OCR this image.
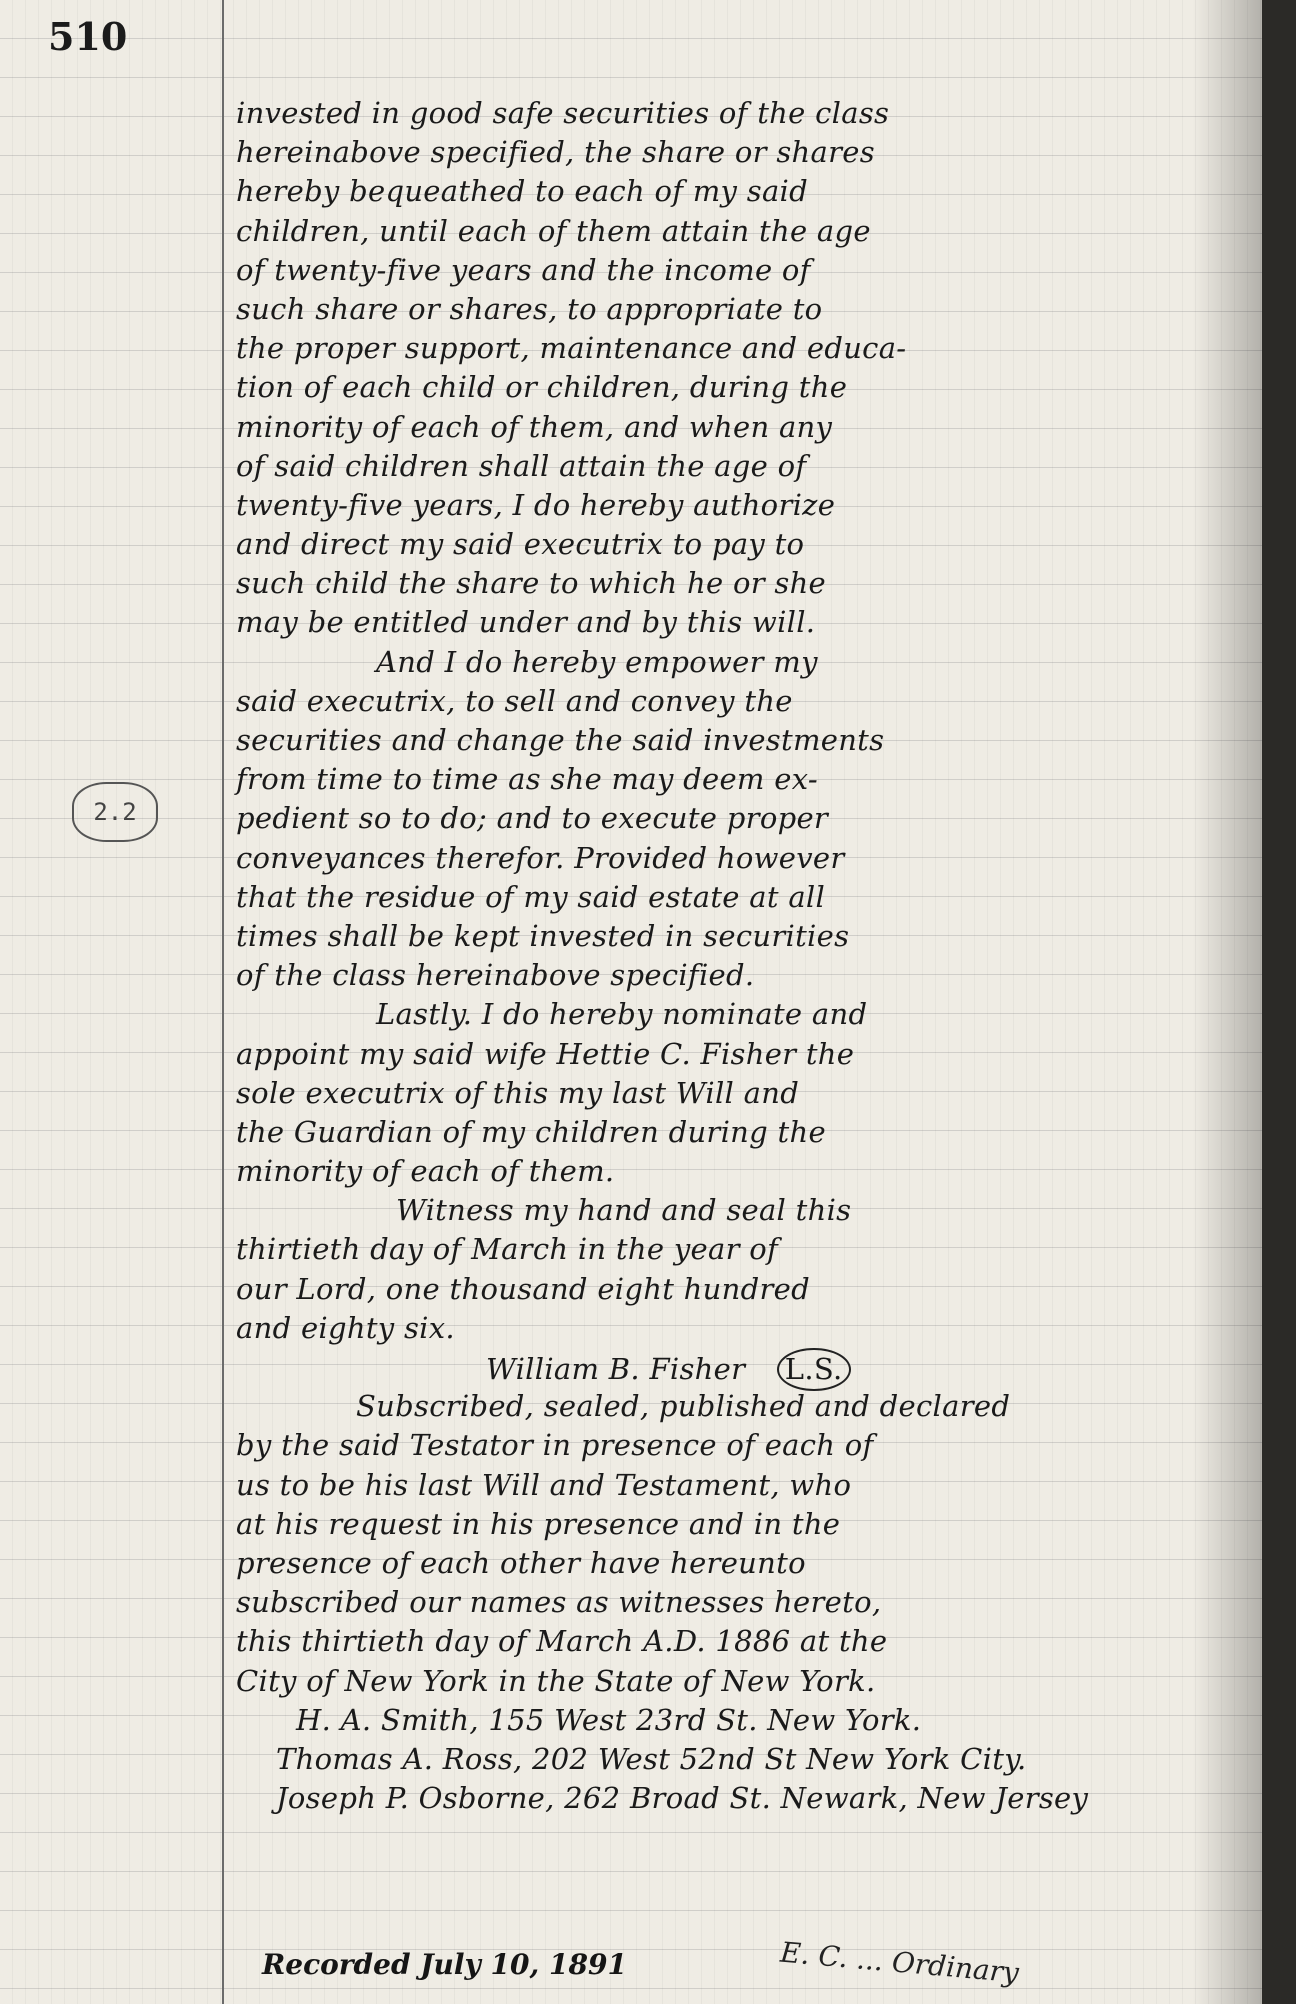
510
2.2
invested in good safe securities of the class
hereinabove specified, the share or shares
hereby bequeathed to each of my said
children, until each of them attain the age
of twenty-five years and the income of
such share or shares, to appropriate to
the proper support, maintenance and educa-
tion of each child or children, during the
minority of each of them, and when any
of said children shall attain the age of
twenty-five years, I do hereby authorize
and direct my said executrix to pay to
such child the share to which he or she
may be entitled under and by this will.
And I do hereby empower my
said executrix, to sell and convey the
securities and change the said investments
from time to time as she may deem ex-
pedient so to do; and to execute proper
conveyances therefor. Provided however
that the residue of my said estate at all
times shall be kept invested in securities
of the class hereinabove specified.
Lastly. I do hereby nominate and
appoint my said wife Hettie C. Fisher the
sole executrix of this my last Will and
the Guardian of my children during the
minority of each of them.
Witness my hand and seal this
thirtieth day of March in the year of
our Lord, one thousand eight hundred
and eighty six.
William B. Fisher L.S.
Subscribed, sealed, published and declared
by the said Testator in presence of each of
us to be his last Will and Testament, who
at his request in his presence and in the
presence of each other have hereunto
subscribed our names as witnesses hereto,
this thirtieth day of March A.D. 1886 at the
City of New York in the State of New York.
H. A. Smith, 155 West 23rd St. New York.
Thomas A. Ross, 202 West 52nd St New York City.
Joseph P. Osborne, 262 Broad St. Newark, New Jersey
Recorded July 10, 1891	E. C. ... Ordinary
